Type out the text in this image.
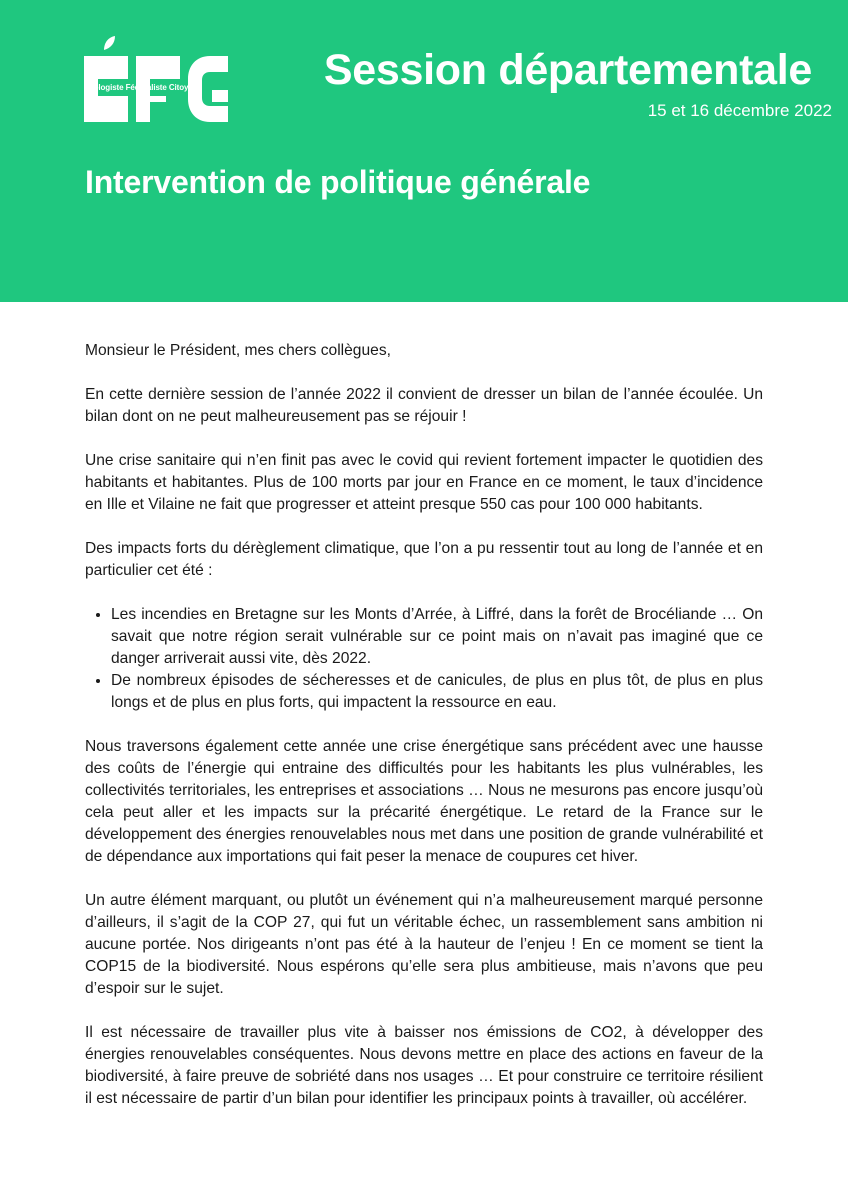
Écologiste Fédéraliste Citoyen	Session départementale
15 et 16 décembre 2022
Intervention de politique générale

Monsieur le Président, mes chers collègues,

En cette dernière session de l’année 2022 il convient de dresser un bilan de l’année écoulée. Un bilan dont on ne peut malheureusement pas se réjouir !

Une crise sanitaire qui n’en finit pas avec le covid qui revient fortement impacter le quotidien des habitants et habitantes. Plus de 100 morts par jour en France en ce moment, le taux d’incidence en Ille et Vilaine ne fait que progresser et atteint presque 550 cas pour 100 000 habitants.

Des impacts forts du dérèglement climatique, que l’on a pu ressentir tout au long de l’année et en particulier cet été :

• Les incendies en Bretagne sur les Monts d’Arrée, à Liffré, dans la forêt de Brocéliande … On savait que notre région serait vulnérable sur ce point mais on n’avait pas imaginé que ce danger arriverait aussi vite, dès 2022.
• De nombreux épisodes de sécheresses et de canicules, de plus en plus tôt, de plus en plus longs et de plus en plus forts, qui impactent la ressource en eau.

Nous traversons également cette année une crise énergétique sans précédent avec une hausse des coûts de l’énergie qui entraine des difficultés pour les habitants les plus vulnérables, les collectivités territoriales, les entreprises et associations … Nous ne mesurons pas encore jusqu’où cela peut aller et les impacts sur la précarité énergétique. Le retard de la France sur le développement des énergies renouvelables nous met dans une position de grande vulnérabilité et de dépendance aux importations qui fait peser la menace de coupures cet hiver.

Un autre élément marquant, ou plutôt un événement qui n’a malheureusement marqué personne d’ailleurs, il s’agit de la COP 27, qui fut un véritable échec, un rassemblement sans ambition ni aucune portée. Nos dirigeants n’ont pas été à la hauteur de l’enjeu ! En ce moment se tient la COP15 de la biodiversité. Nous espérons qu’elle sera plus ambitieuse, mais n’avons que peu d’espoir sur le sujet.

Il est nécessaire de travailler plus vite à baisser nos émissions de CO2, à développer des énergies renouvelables conséquentes. Nous devons mettre en place des actions en faveur de la biodiversité, à faire preuve de sobriété dans nos usages … Et pour construire ce territoire résilient il est nécessaire de partir d’un bilan pour identifier les principaux points à travailler, où accélérer.
